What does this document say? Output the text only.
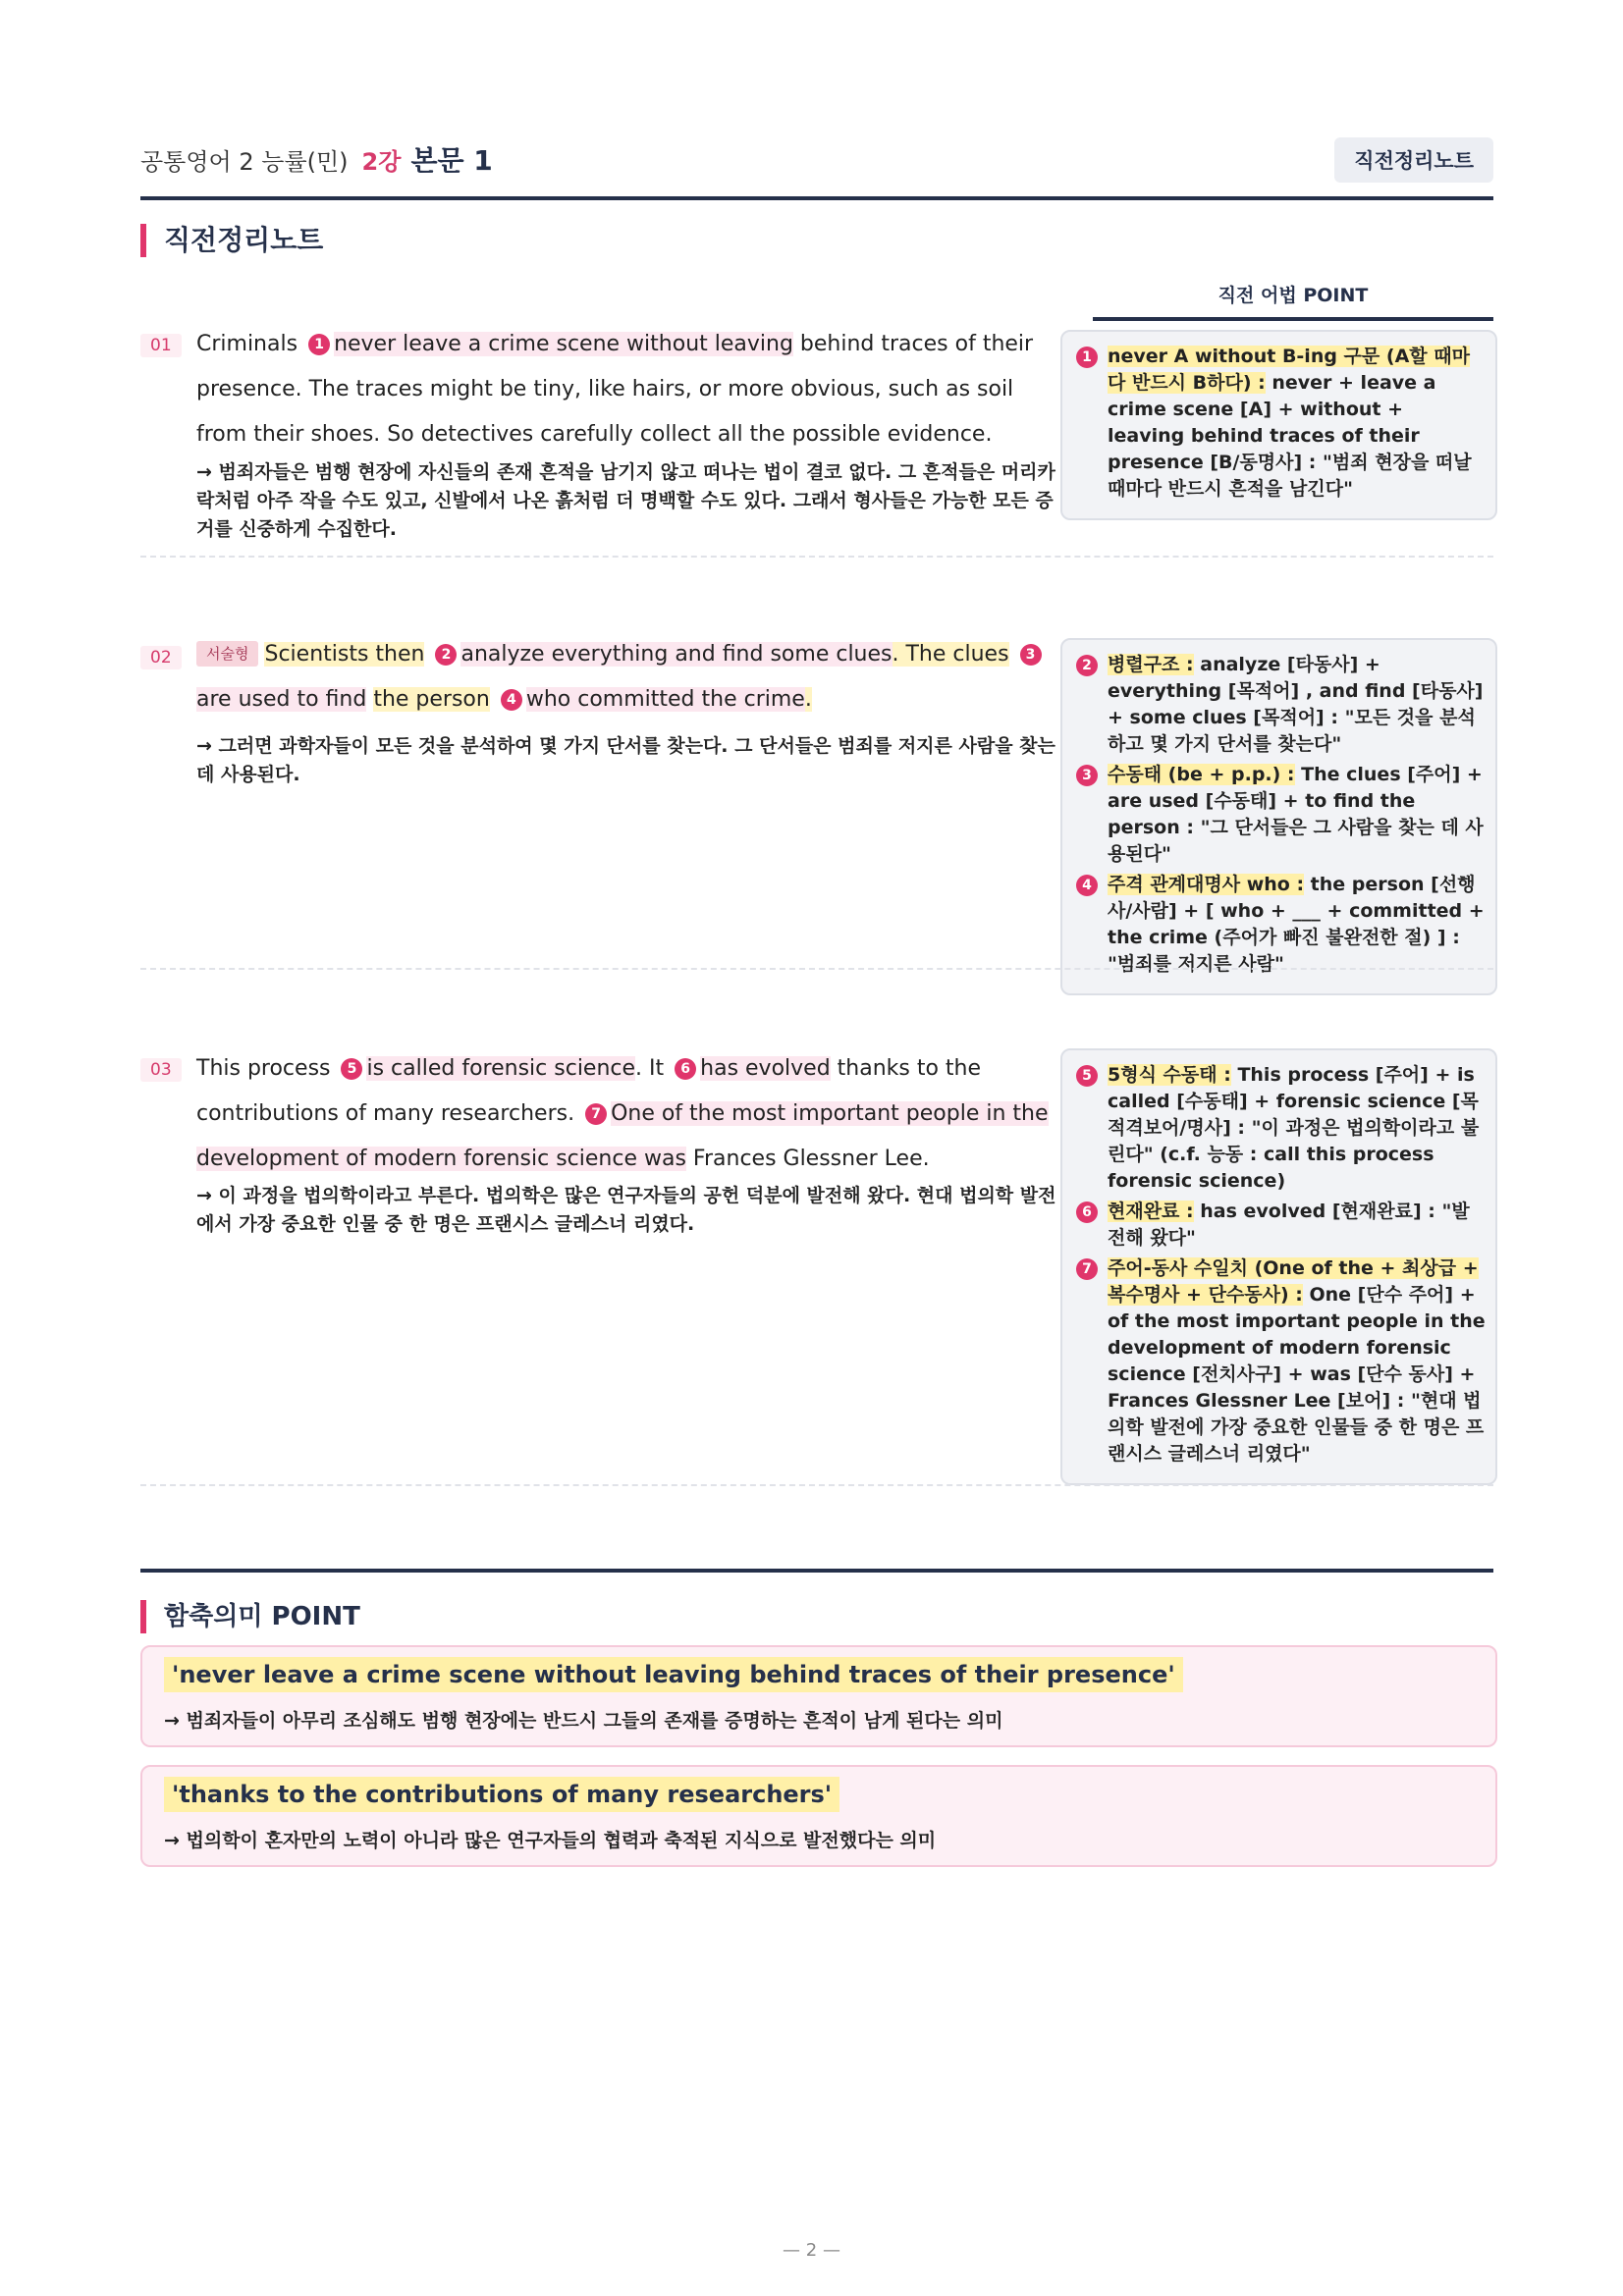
공통영어 2 능률(민) 2강 본문 1	직전정리노트
직전정리노트
직전 어법 POINT
01	Criminals 1 never leave a crime scene without leaving behind traces of their presence. The traces might be tiny, like hairs, or more obvious, such as soil from their shoes. So detectives carefully collect all the possible evidence.
→ 범죄자들은 범행 현장에 자신들의 존재 흔적을 남기지 않고 떠나는 법이 결코 없다. 그 흔적들은 머리카락처럼 아주 작을 수도 있고, 신발에서 나온 흙처럼 더 명백할 수도 있다. 그래서 형사들은 가능한 모든 증거를 신중하게 수집한다.
1 never A without B-ing 구문 (A할 때마다 반드시 B하다) : never + leave a crime scene [A] + without + leaving behind traces of their presence [B/동명사] : "범죄 현장을 떠날 때마다 반드시 흔적을 남긴다"
02	서술형 Scientists then 2 analyze everything and find some clues. The clues 3are used to find the person 4 who committed the crime.
→ 그러면 과학자들이 모든 것을 분석하여 몇 가지 단서를 찾는다. 그 단서들은 범죄를 저지른 사람을 찾는 데 사용된다.
2 병렬구조 : analyze [타동사] + everything [목적어] , and find [타동사] + some clues [목적어] : "모든 것을 분석하고 몇 가지 단서를 찾는다"
3 수동태 (be + p.p.) : The clues [주어] + are used [수동태] + to find the person : "그 단서들은 그 사람을 찾는 데 사용된다"
4 주격 관계대명사 who : the person [선행사/사람] + [ who + ___ + committed + the crime (주어가 빠진 불완전한 절) ] : "범죄를 저지른 사람"
03	This process 5 is called forensic science. It 6 has evolved thanks to the contributions of many researchers. 7 One of the most important people in the development of modern forensic science was Frances Glessner Lee.
→ 이 과정을 법의학이라고 부른다. 법의학은 많은 연구자들의 공헌 덕분에 발전해 왔다. 현대 법의학 발전에서 가장 중요한 인물 중 한 명은 프랜시스 글레스너 리였다.
5 5형식 수동태 : This process [주어] + is called [수동태] + forensic science [목적격보어/명사] : "이 과정은 법의학이라고 불린다" (c.f. 능동 : call this process forensic science)
6 현재완료 : has evolved [현재완료] : "발전해 왔다"
7 주어-동사 수일치 (One of the + 최상급 + 복수명사 + 단수동사) : One [단수 주어] + of the most important people in the development of modern forensic science [전치사구] + was [단수 동사] + Frances Glessner Lee [보어] : "현대 법의학 발전에 가장 중요한 인물들 중 한 명은 프랜시스 글레스너 리였다"
함축의미 POINT
'never leave a crime scene without leaving behind traces of their presence'
→ 범죄자들이 아무리 조심해도 범행 현장에는 반드시 그들의 존재를 증명하는 흔적이 남게 된다는 의미
'thanks to the contributions of many researchers'
→ 법의학이 혼자만의 노력이 아니라 많은 연구자들의 협력과 축적된 지식으로 발전했다는 의미
— 2 —
